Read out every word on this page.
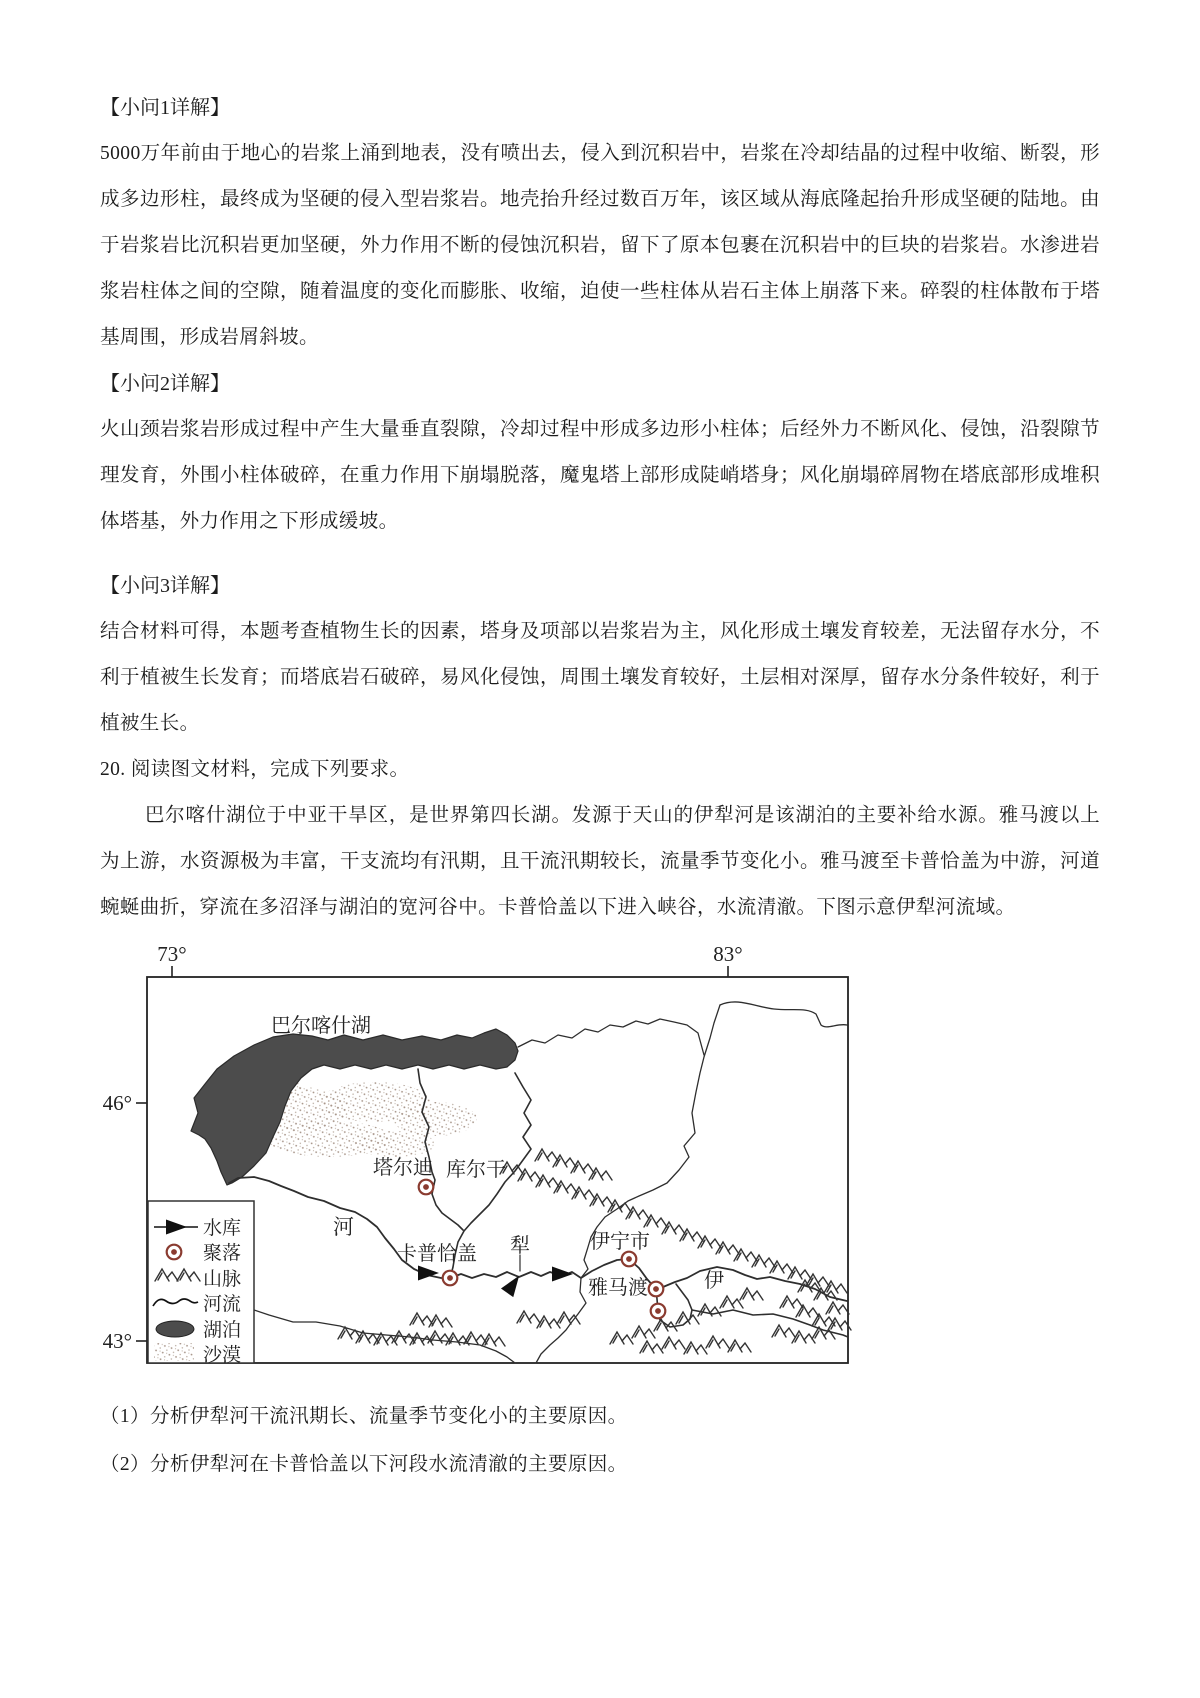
【小问1详解】
5000万年前由于地心的岩浆上涌到地表，没有喷出去，侵入到沉积岩中，岩浆在冷却结晶的过程中收缩、断裂，形成多边形柱，最终成为坚硬的侵入型岩浆岩。地壳抬升经过数百万年，该区域从海底隆起抬升形成坚硬的陆地。由于岩浆岩比沉积岩更加坚硬，外力作用不断的侵蚀沉积岩，留下了原本包裹在沉积岩中的巨块的岩浆岩。水渗进岩浆岩柱体之间的空隙，随着温度的变化而膨胀、收缩，迫使一些柱体从岩石主体上崩落下来。碎裂的柱体散布于塔基周围，形成岩屑斜坡。
【小问2详解】
火山颈岩浆岩形成过程中产生大量垂直裂隙，冷却过程中形成多边形小柱体；后经外力不断风化、侵蚀，沿裂隙节理发育，外围小柱体破碎，在重力作用下崩塌脱落，魔鬼塔上部形成陡峭塔身；风化崩塌碎屑物在塔底部形成堆积体塔基，外力作用之下形成缓坡。
【小问3详解】
结合材料可得，本题考查植物生长的因素，塔身及项部以岩浆岩为主，风化形成土壤发育较差，无法留存水分，不利于植被生长发育；而塔底岩石破碎，易风化侵蚀，周围土壤发育较好，土层相对深厚，留存水分条件较好，利于植被生长。
20. 阅读图文材料，完成下列要求。
巴尔喀什湖位于中亚干旱区，是世界第四长湖。发源于天山的伊犁河是该湖泊的主要补给水源。雅马渡以上为上游，水资源极为丰富，干支流均有汛期，且干流汛期较长，流量季节变化小。雅马渡至卡普恰盖为中游，河道蜿蜒曲折，穿流在多沼泽与湖泊的宽河谷中。卡普恰盖以下进入峡谷，水流清澈。下图示意伊犁河流域。
73°	83°
46°
43°
巴尔喀什湖
塔尔迪 库尔干
河
卡普恰盖 犁	伊宁市
雅马渡	伊
水库
聚落
山脉
河流
湖泊
沙漠
（1）分析伊犁河干流汛期长、流量季节变化小的主要原因。
（2）分析伊犁河在卡普恰盖以下河段水流清澈的主要原因。
